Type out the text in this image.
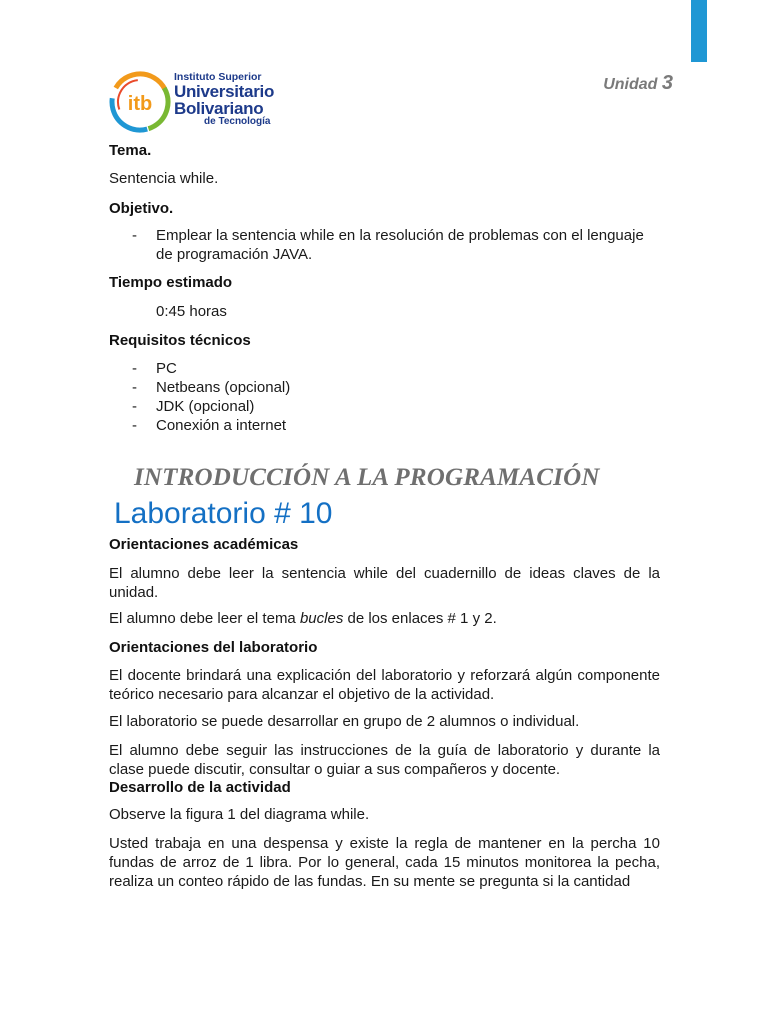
Unidad 3
itb
Instituto Superior
Universitario
Bolivariano
de Tecnología
Tema.
Sentencia while.
Objetivo.
- Emplear la sentencia while en la resolución de problemas con el lenguaje
de programación JAVA.
Tiempo estimado
0:45 horas
Requisitos técnicos
- PC
- Netbeans (opcional)
- JDK (opcional)
- Conexión a internet
INTRODUCCIÓN A LA PROGRAMACIÓN
Laboratorio # 10
Orientaciones académicas
El alumno debe leer la sentencia while del cuadernillo de ideas claves de la unidad.
El alumno debe leer el tema bucles de los enlaces # 1 y 2.
Orientaciones del laboratorio
El docente brindará una explicación del laboratorio y reforzará algún componente teórico necesario para alcanzar el objetivo de la actividad.
El laboratorio se puede desarrollar en grupo de 2 alumnos o individual.
El alumno debe seguir las instrucciones de la guía de laboratorio y durante la clase puede discutir, consultar o guiar a sus compañeros y docente.
Desarrollo de la actividad
Observe la figura 1 del diagrama while.
Usted trabaja en una despensa y existe la regla de mantener en la percha 10 fundas de arroz de 1 libra. Por lo general, cada 15 minutos monitorea la pecha, realiza un conteo rápido de las fundas. En su mente se pregunta si la cantidad
